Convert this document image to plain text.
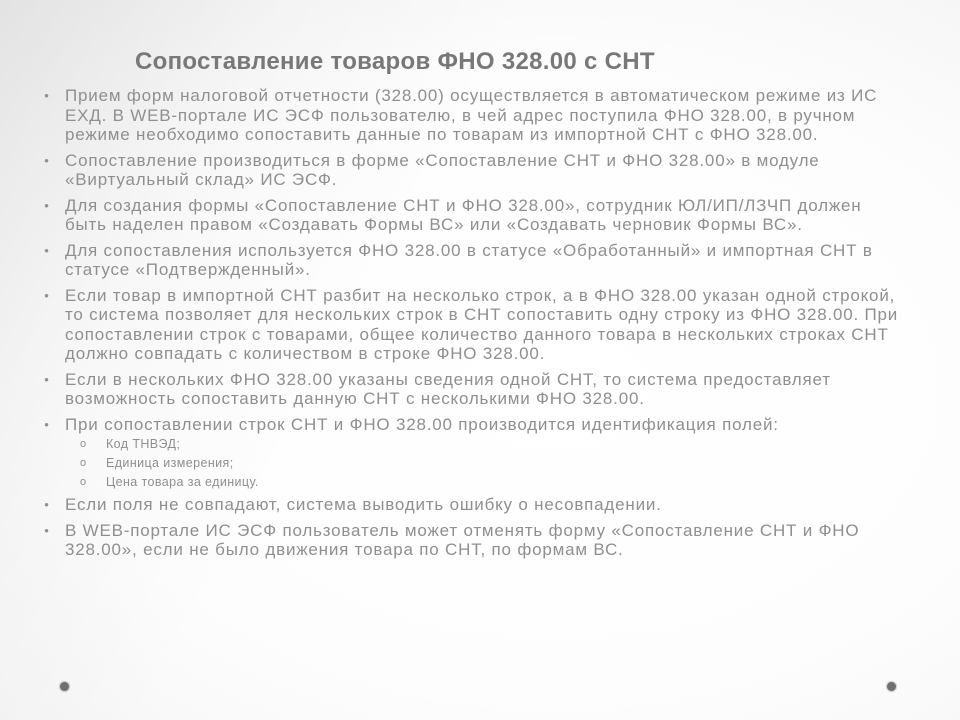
Сопоставление товаров ФНО 328.00 с СНТ
• Прием форм налоговой отчетности (328.00) осуществляется в автоматическом режиме из ИС ЕХД. В WEB-портале ИС ЭСФ пользователю, в чей адрес поступила ФНО 328.00, в ручном режиме необходимо сопоставить данные по товарам из импортной СНТ с ФНО 328.00.
• Сопоставление производиться в форме «Сопоставление СНТ и ФНО 328.00» в модуле «Виртуальный склад» ИС ЭСФ.
• Для создания формы «Сопоставление СНТ и ФНО 328.00», сотрудник ЮЛ/ИП/ЛЗЧП должен быть наделен правом «Создавать Формы ВС» или «Создавать черновик Формы ВС».
• Для сопоставления используется ФНО 328.00 в статусе «Обработанный» и импортная СНТ в статусе «Подтвержденный».
• Если товар в импортной СНТ разбит на несколько строк, а в ФНО 328.00 указан одной строкой, то система позволяет для нескольких строк в СНТ сопоставить одну строку из ФНО 328.00. При сопоставлении строк с товарами, общее количество данного товара в нескольких строках СНТ должно совпадать с количеством в строке ФНО 328.00.
• Если в нескольких ФНО 328.00 указаны сведения одной СНТ, то система предоставляет возможность сопоставить данную СНТ с несколькими ФНО 328.00.
• При сопоставлении строк СНТ и ФНО 328.00 производится идентификация полей:
o	Код ТНВЭД;
o	Единица измерения;
o	Цена товара за единицу.
• Если поля не совпадают, система выводить ошибку о несовпадении.
• В WEB-портале ИС ЭСФ пользователь может отменять форму «Сопоставление СНТ и ФНО 328.00», если не было движения товара по СНТ, по формам ВС.
